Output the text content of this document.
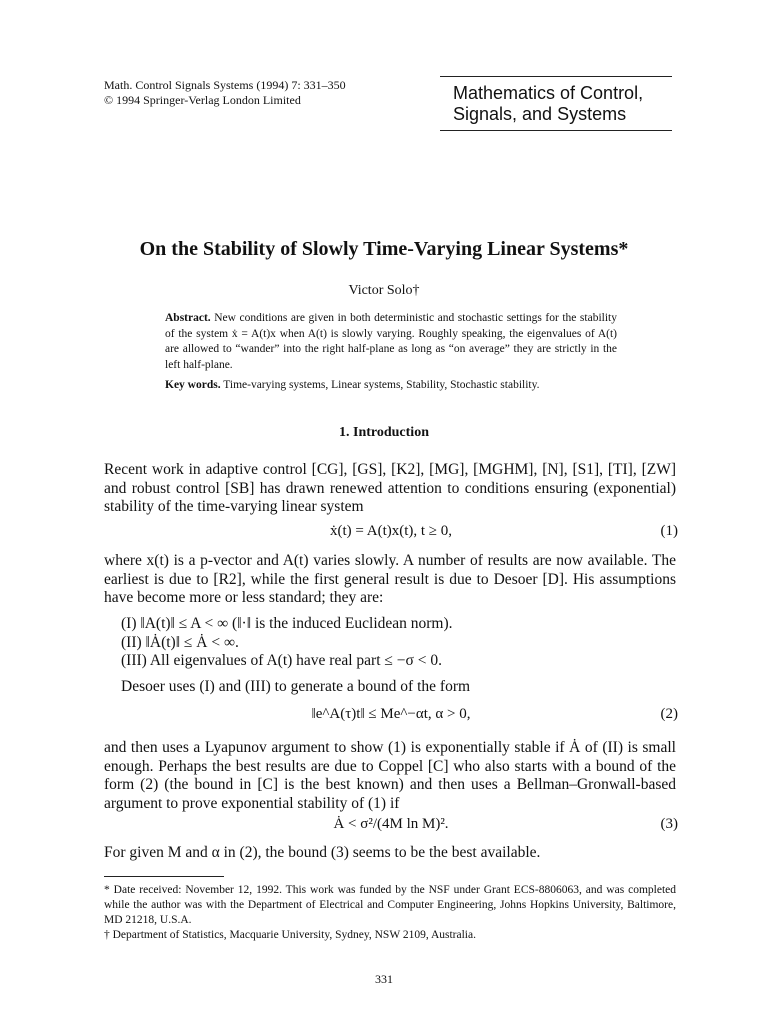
Math. Control Signals Systems (1994) 7: 331–350
© 1994 Springer-Verlag London Limited	Mathematics of Control,
Signals, and Systems
On the Stability of Slowly Time-Varying Linear Systems*
Victor Solo†
Abstract. New conditions are given in both deterministic and stochastic settings for the stability of the system ẋ = A(t)x when A(t) is slowly varying. Roughly speaking, the eigenvalues of A(t) are allowed to “wander” into the right half-plane as long as “on average” they are strictly in the left half-plane.
Key words. Time-varying systems, Linear systems, Stability, Stochastic stability.
1. Introduction
Recent work in adaptive control [CG], [GS], [K2], [MG], [MGHM], [N], [S1], [TI], [ZW] and robust control [SB] has drawn renewed attention to conditions ensuring (exponential) stability of the time-varying linear system
ẋ(t) = A(t)x(t), t ≥ 0,	(1)
where x(t) is a p-vector and A(t) varies slowly. A number of results are now available. The earliest is due to [R2], while the first general result is due to Desoer [D]. His assumptions have become more or less standard; they are:
(I) ‖A(t)‖ ≤ A < ∞ (‖·‖ is the induced Euclidean norm).
(II) ‖Ȧ(t)‖ ≤ Ȧ < ∞.
(III) All eigenvalues of A(t) have real part ≤ −σ < 0.
Desoer uses (I) and (III) to generate a bound of the form
‖e^A(τ)t‖ ≤ Me^−αt, α > 0,	(2)
and then uses a Lyapunov argument to show (1) is exponentially stable if Ȧ of (II) is small enough. Perhaps the best results are due to Coppel [C] who also starts with a bound of the form (2) (the bound in [C] is the best known) and then uses a Bellman–Gronwall-based argument to prove exponential stability of (1) if
Ȧ < σ²/(4M ln M)².	(3)
For given M and α in (2), the bound (3) seems to be the best available.
* Date received: November 12, 1992. This work was funded by the NSF under Grant ECS-8806063, and was completed while the author was with the Department of Electrical and Computer Engineering, Johns Hopkins University, Baltimore, MD 21218, U.S.A.
† Department of Statistics, Macquarie University, Sydney, NSW 2109, Australia.
331
